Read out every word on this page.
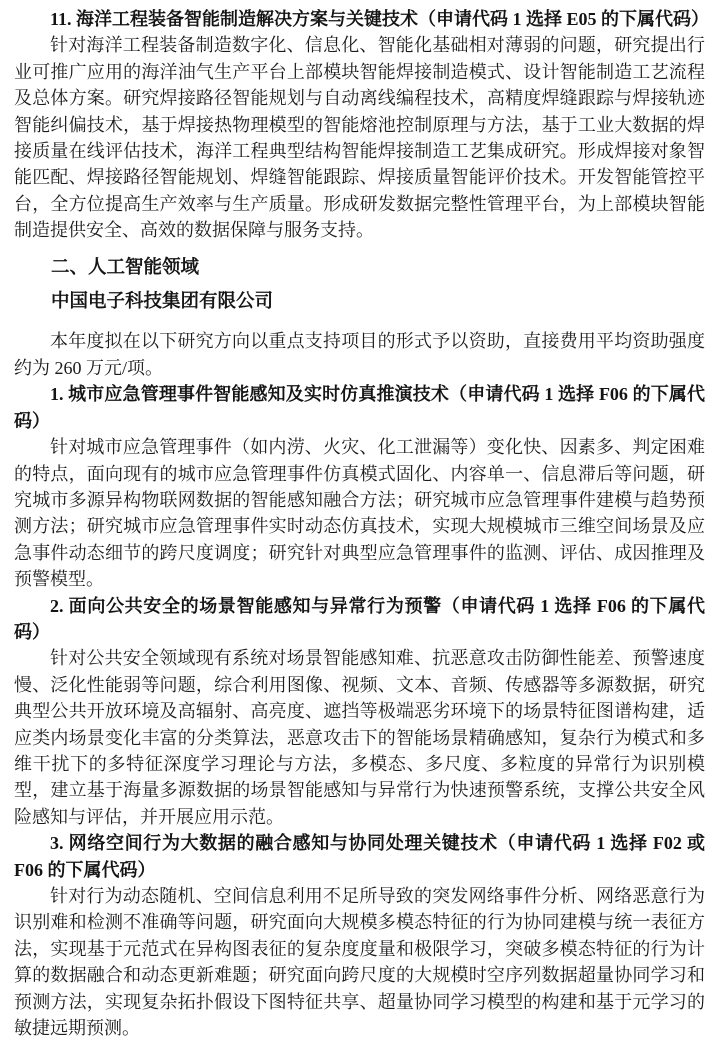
11. 海洋工程装备智能制造解决方案与关键技术（申请代码 1 选择 E05 的下属代码）

针对海洋工程装备制造数字化、信息化、智能化基础相对薄弱的问题，研究提出行业可推广应用的海洋油气生产平台上部模块智能焊接制造模式、设计智能制造工艺流程及总体方案。研究焊接路径智能规划与自动离线编程技术，高精度焊缝跟踪与焊接轨迹智能纠偏技术，基于焊接热物理模型的智能熔池控制原理与方法，基于工业大数据的焊接质量在线评估技术，海洋工程典型结构智能焊接制造工艺集成研究。形成焊接对象智能匹配、焊接路径智能规划、焊缝智能跟踪、焊接质量智能评价技术。开发智能管控平台，全方位提高生产效率与生产质量。形成研发数据完整性管理平台，为上部模块智能制造提供安全、高效的数据保障与服务支持。

二、人工智能领域
中国电子科技集团有限公司

本年度拟在以下研究方向以重点支持项目的形式予以资助，直接费用平均资助强度约为 260 万元/项。

1. 城市应急管理事件智能感知及实时仿真推演技术（申请代码 1 选择 F06 的下属代码）

针对城市应急管理事件（如内涝、火灾、化工泄漏等）变化快、因素多、判定困难的特点，面向现有的城市应急管理事件仿真模式固化、内容单一、信息滞后等问题，研究城市多源异构物联网数据的智能感知融合方法；研究城市应急管理事件建模与趋势预测方法；研究城市应急管理事件实时动态仿真技术，实现大规模城市三维空间场景及应急事件动态细节的跨尺度调度；研究针对典型应急管理事件的监测、评估、成因推理及预警模型。

2. 面向公共安全的场景智能感知与异常行为预警（申请代码 1 选择 F06 的下属代码）

针对公共安全领域现有系统对场景智能感知难、抗恶意攻击防御性能差、预警速度慢、泛化性能弱等问题，综合利用图像、视频、文本、音频、传感器等多源数据，研究典型公共开放环境及高辐射、高亮度、遮挡等极端恶劣环境下的场景特征图谱构建，适应类内场景变化丰富的分类算法，恶意攻击下的智能场景精确感知，复杂行为模式和多维干扰下的多特征深度学习理论与方法，多模态、多尺度、多粒度的异常行为识别模型，建立基于海量多源数据的场景智能感知与异常行为快速预警系统，支撑公共安全风险感知与评估，并开展应用示范。

3. 网络空间行为大数据的融合感知与协同处理关键技术（申请代码 1 选择 F02 或 F06 的下属代码）

针对行为动态随机、空间信息利用不足所导致的突发网络事件分析、网络恶意行为识别难和检测不准确等问题，研究面向大规模多模态特征的行为协同建模与统一表征方法，实现基于元范式在异构图表征的复杂度度量和极限学习，突破多模态特征的行为计算的数据融合和动态更新难题；研究面向跨尺度的大规模时空序列数据超量协同学习和预测方法，实现复杂拓扑假设下图特征共享、超量协同学习模型的构建和基于元学习的敏捷远期预测。
